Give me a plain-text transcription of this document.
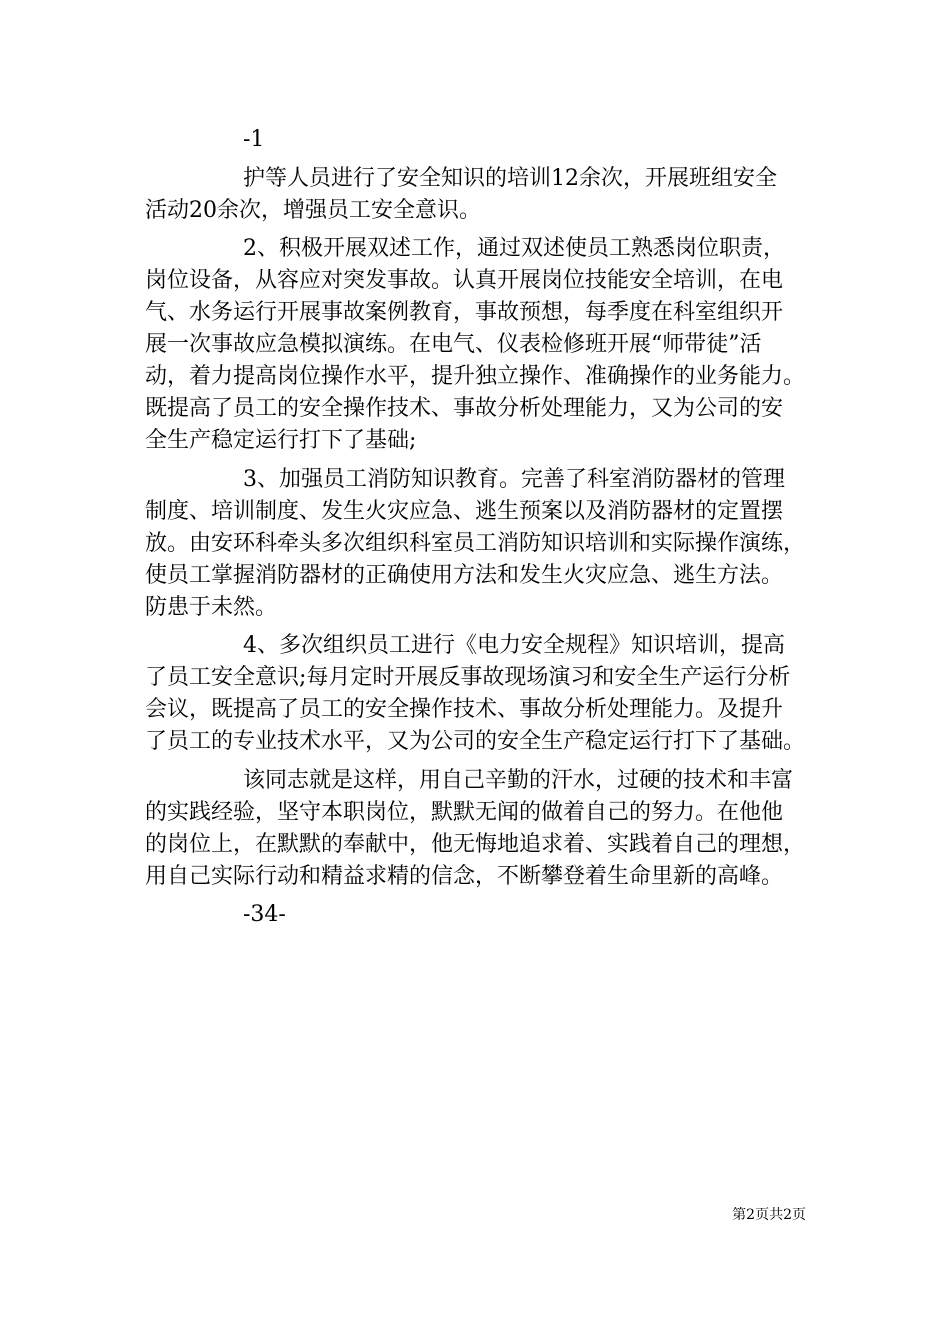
-1
护等人员进行了安全知识的培训12余次，开展班组安全
活动20余次，增强员工安全意识。
2、积极开展双述工作，通过双述使员工熟悉岗位职责，
岗位设备，从容应对突发事故。认真开展岗位技能安全培训，在电
气、水务运行开展事故案例教育，事故预想，每季度在科室组织开
展一次事故应急模拟演练。在电气、仪表检修班开展“师带徒”活
动，着力提高岗位操作水平，提升独立操作、准确操作的业务能力。
既提高了员工的安全操作技术、事故分析处理能力，又为公司的安
全生产稳定运行打下了基础;
3、加强员工消防知识教育。完善了科室消防器材的管理
制度、培训制度、发生火灾应急、逃生预案以及消防器材的定置摆
放。由安环科牵头多次组织科室员工消防知识培训和实际操作演练，
使员工掌握消防器材的正确使用方法和发生火灾应急、逃生方法。
防患于未然。
4、多次组织员工进行《电力安全规程》知识培训，提高
了员工安全意识;每月定时开展反事故现场演习和安全生产运行分析
会议，既提高了员工的安全操作技术、事故分析处理能力。及提升
了员工的专业技术水平，又为公司的安全生产稳定运行打下了基础。
该同志就是这样，用自己辛勤的汗水，过硬的技术和丰富
的实践经验，坚守本职岗位，默默无闻的做着自己的努力。在他他
的岗位上，在默默的奉献中，他无悔地追求着、实践着自己的理想，
用自己实际行动和精益求精的信念，不断攀登着生命里新的高峰。
-34-
第2页共2页
